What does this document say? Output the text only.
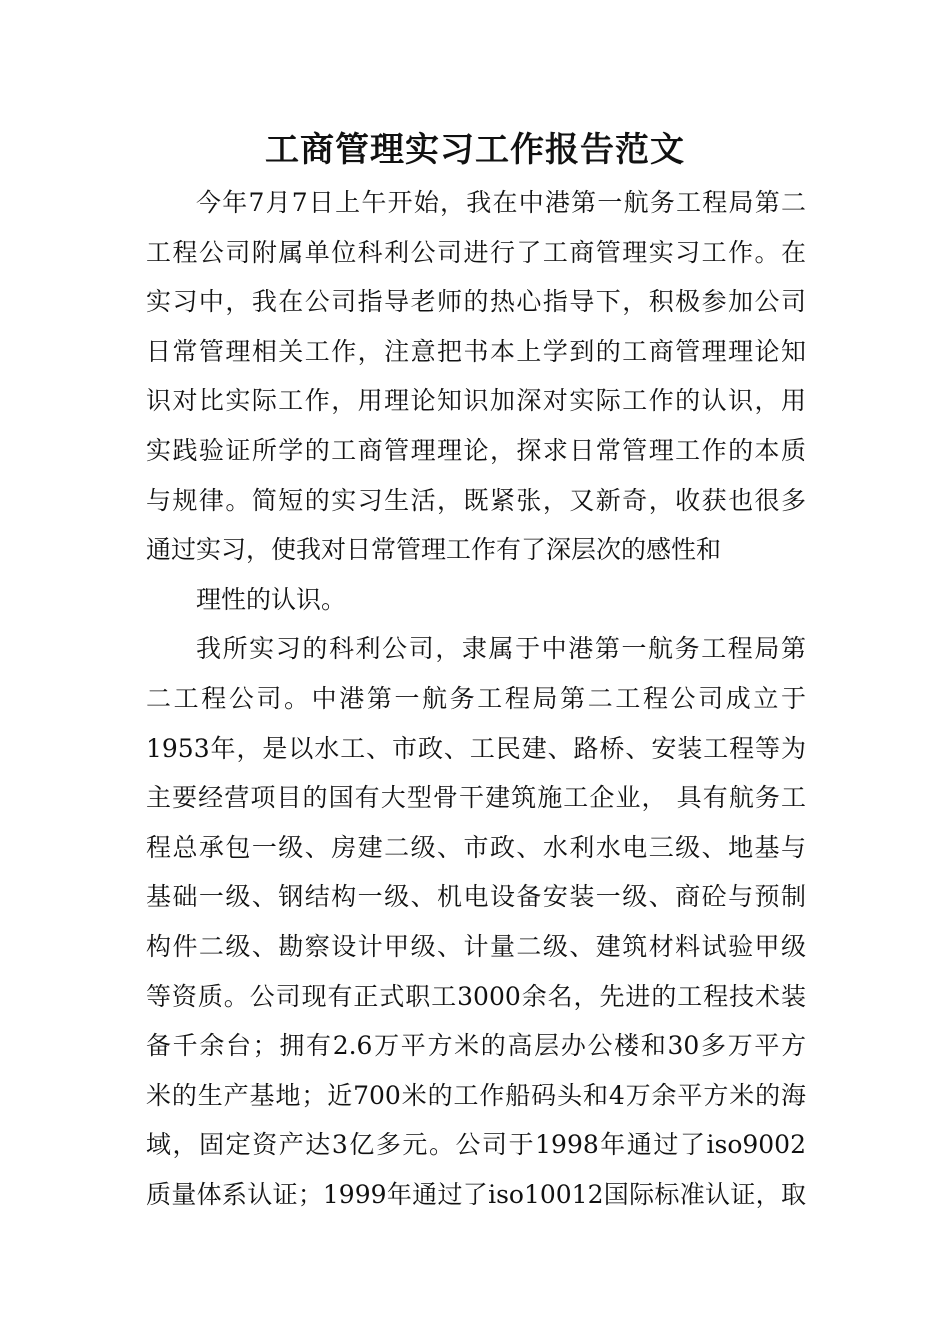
工商管理实习工作报告范文
今年7月7日上午开始，我在中港第一航务工程局第二
工程公司附属单位科利公司进行了工商管理实习工作。在
实习中，我在公司指导老师的热心指导下，积极参加公司
日常管理相关工作，注意把书本上学到的工商管理理论知
识对比实际工作，用理论知识加深对实际工作的认识，用
实践验证所学的工商管理理论，探求日常管理工作的本质
与规律。简短的实习生活，既紧张，又新奇，收获也很多
通过实习，使我对日常管理工作有了深层次的感性和
理性的认识。
我所实习的科利公司，隶属于中港第一航务工程局第
二工程公司。中港第一航务工程局第二工程公司成立于
1953年，是以水工、市政、工民建、路桥、安装工程等为
主要经营项目的国有大型骨干建筑施工企业， 具有航务工
程总承包一级、房建二级、市政、水利水电三级、地基与
基础一级、钢结构一级、机电设备安装一级、商砼与预制
构件二级、勘察设计甲级、计量二级、建筑材料试验甲级
等资质。公司现有正式职工3000余名，先进的工程技术装
备千余台；拥有2.6万平方米的高层办公楼和30多万平方
米的生产基地；近700米的工作船码头和4万余平方米的海
域，固定资产达3亿多元。公司于1998年通过了iso9002
质量体系认证；1999年通过了iso10012国际标准认证，取
